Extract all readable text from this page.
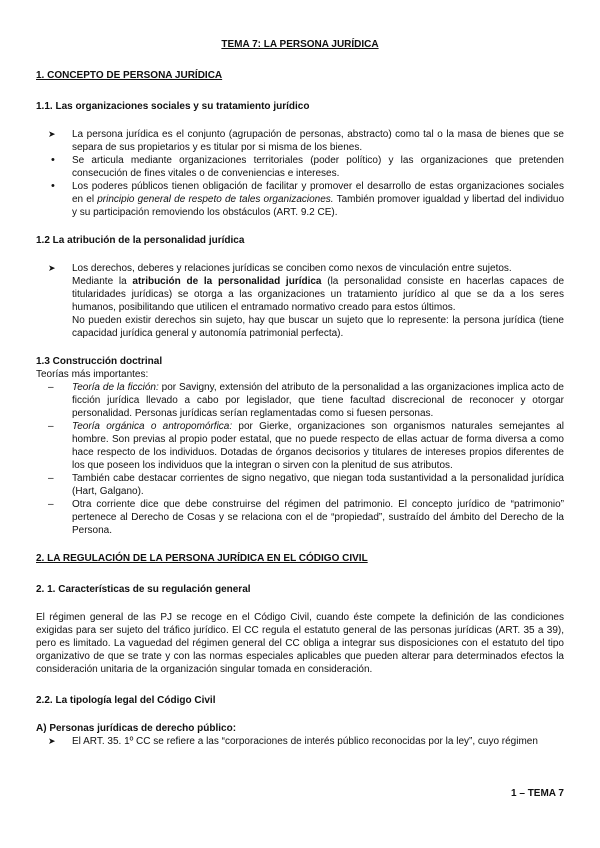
TEMA 7: LA PERSONA JURÍDICA
1. CONCEPTO DE PERSONA JURÍDICA
1.1. Las organizaciones sociales y su tratamiento jurídico
➤ La persona jurídica es el conjunto (agrupación de personas, abstracto) como tal o la masa de bienes que se separa de sus propietarios y es titular por si misma de los bienes.
• Se articula mediante organizaciones territoriales (poder político) y las organizaciones que pretenden consecución de fines vitales o de conveniencias e intereses.
• Los poderes públicos tienen obligación de facilitar y promover el desarrollo de estas organizaciones sociales en el principio general de respeto de tales organizaciones. También promover igualdad y libertad del individuo y su participación removiendo los obstáculos (ART. 9.2 CE).
1.2 La atribución de la personalidad jurídica
➤ Los derechos, deberes y relaciones jurídicas se conciben como nexos de vinculación entre sujetos.
Mediante la atribución de la personalidad jurídica (la personalidad consiste en hacerlas capaces de titularidades jurídicas) se otorga a las organizaciones un tratamiento jurídico al que se da a los seres humanos, posibilitando que utilicen el entramado normativo creado para estos últimos.
No pueden existir derechos sin sujeto, hay que buscar un sujeto que lo represente: la persona jurídica (tiene capacidad jurídica general y autonomía patrimonial perfecta).
1.3 Construcción doctrinal
Teorías más importantes:
– Teoría de la ficción: por Savigny, extensión del atributo de la personalidad a las organizaciones implica acto de ficción jurídica llevado a cabo por legislador, que tiene facultad discrecional de reconocer y otorgar personalidad. Personas jurídicas serían reglamentadas como si fuesen personas.
– Teoría orgánica o antropomórfica: por Gierke, organizaciones son organismos naturales semejantes al hombre. Son previas al propio poder estatal, que no puede respecto de ellas actuar de forma diversa a como hace respecto de los individuos. Dotadas de órganos decisorios y titulares de intereses propios diferentes de los que poseen los individuos que la integran o sirven con la plenitud de sus atributos.
– También cabe destacar corrientes de signo negativo, que niegan toda sustantividad a la personalidad jurídica (Hart, Galgano).
– Otra corriente dice que debe construirse del régimen del patrimonio. El concepto jurídico de “patrimonio” pertenece al Derecho de Cosas y se relaciona con el de “propiedad”, sustraído del ámbito del Derecho de la Persona.
2. LA REGULACIÓN DE LA PERSONA JURÍDICA EN EL CÓDIGO CIVIL
2. 1. Características de su regulación general
El régimen general de las PJ se recoge en el Código Civil, cuando éste compete la definición de las condiciones exigidas para ser sujeto del tráfico jurídico. El CC regula el estatuto general de las personas jurídicas (ART. 35 a 39), pero es limitado. La vaguedad del régimen general del CC obliga a integrar sus disposiciones con el estatuto del tipo organizativo de que se trate y con las normas especiales aplicables que pueden alterar para determinados efectos la consideración unitaria de la organización singular tomada en consideración.
2.2. La tipología legal del Código Civil
A) Personas jurídicas de derecho público:
➤ El ART. 35. 1º CC se refiere a las “corporaciones de interés público reconocidas por la ley”, cuyo régimen
1 – TEMA 7
